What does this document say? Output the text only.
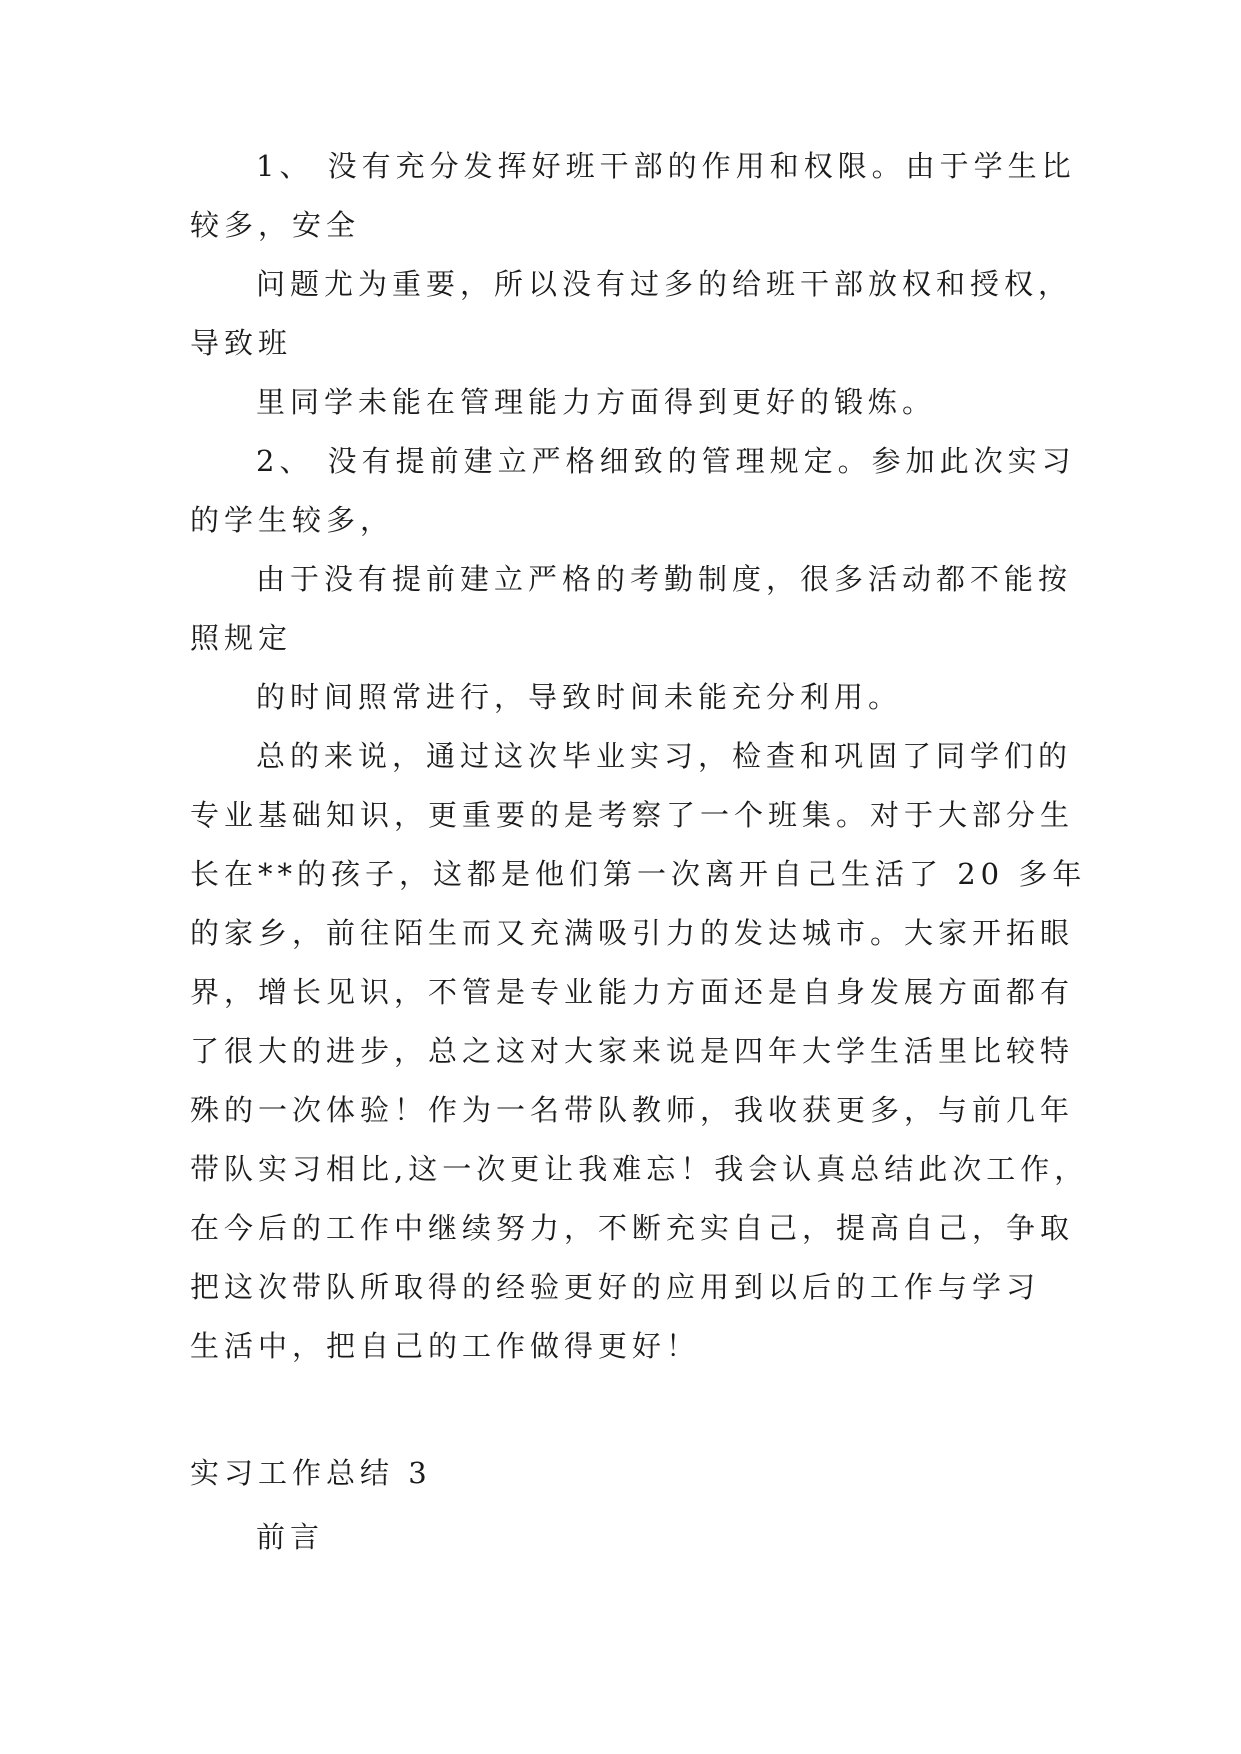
1、 没有充分发挥好班干部的作用和权限。由于学生比
较多，安全
问题尤为重要，所以没有过多的给班干部放权和授权，
导致班
里同学未能在管理能力方面得到更好的锻炼。
2、 没有提前建立严格细致的管理规定。参加此次实习
的学生较多，
由于没有提前建立严格的考勤制度，很多活动都不能按
照规定
的时间照常进行，导致时间未能充分利用。
总的来说，通过这次毕业实习，检查和巩固了同学们的
专业基础知识，更重要的是考察了一个班集。对于大部分生
长在**的孩子，这都是他们第一次离开自己生活了 20 多年
的家乡，前往陌生而又充满吸引力的发达城市。大家开拓眼
界，增长见识，不管是专业能力方面还是自身发展方面都有
了很大的进步，总之这对大家来说是四年大学生活里比较特
殊的一次体验！作为一名带队教师，我收获更多，与前几年
带队实习相比,这一次更让我难忘！我会认真总结此次工作，
在今后的工作中继续努力，不断充实自己，提高自己，争取
把这次带队所取得的经验更好的应用到以后的工作与学习
生活中，把自己的工作做得更好！
实习工作总结 3
前言
